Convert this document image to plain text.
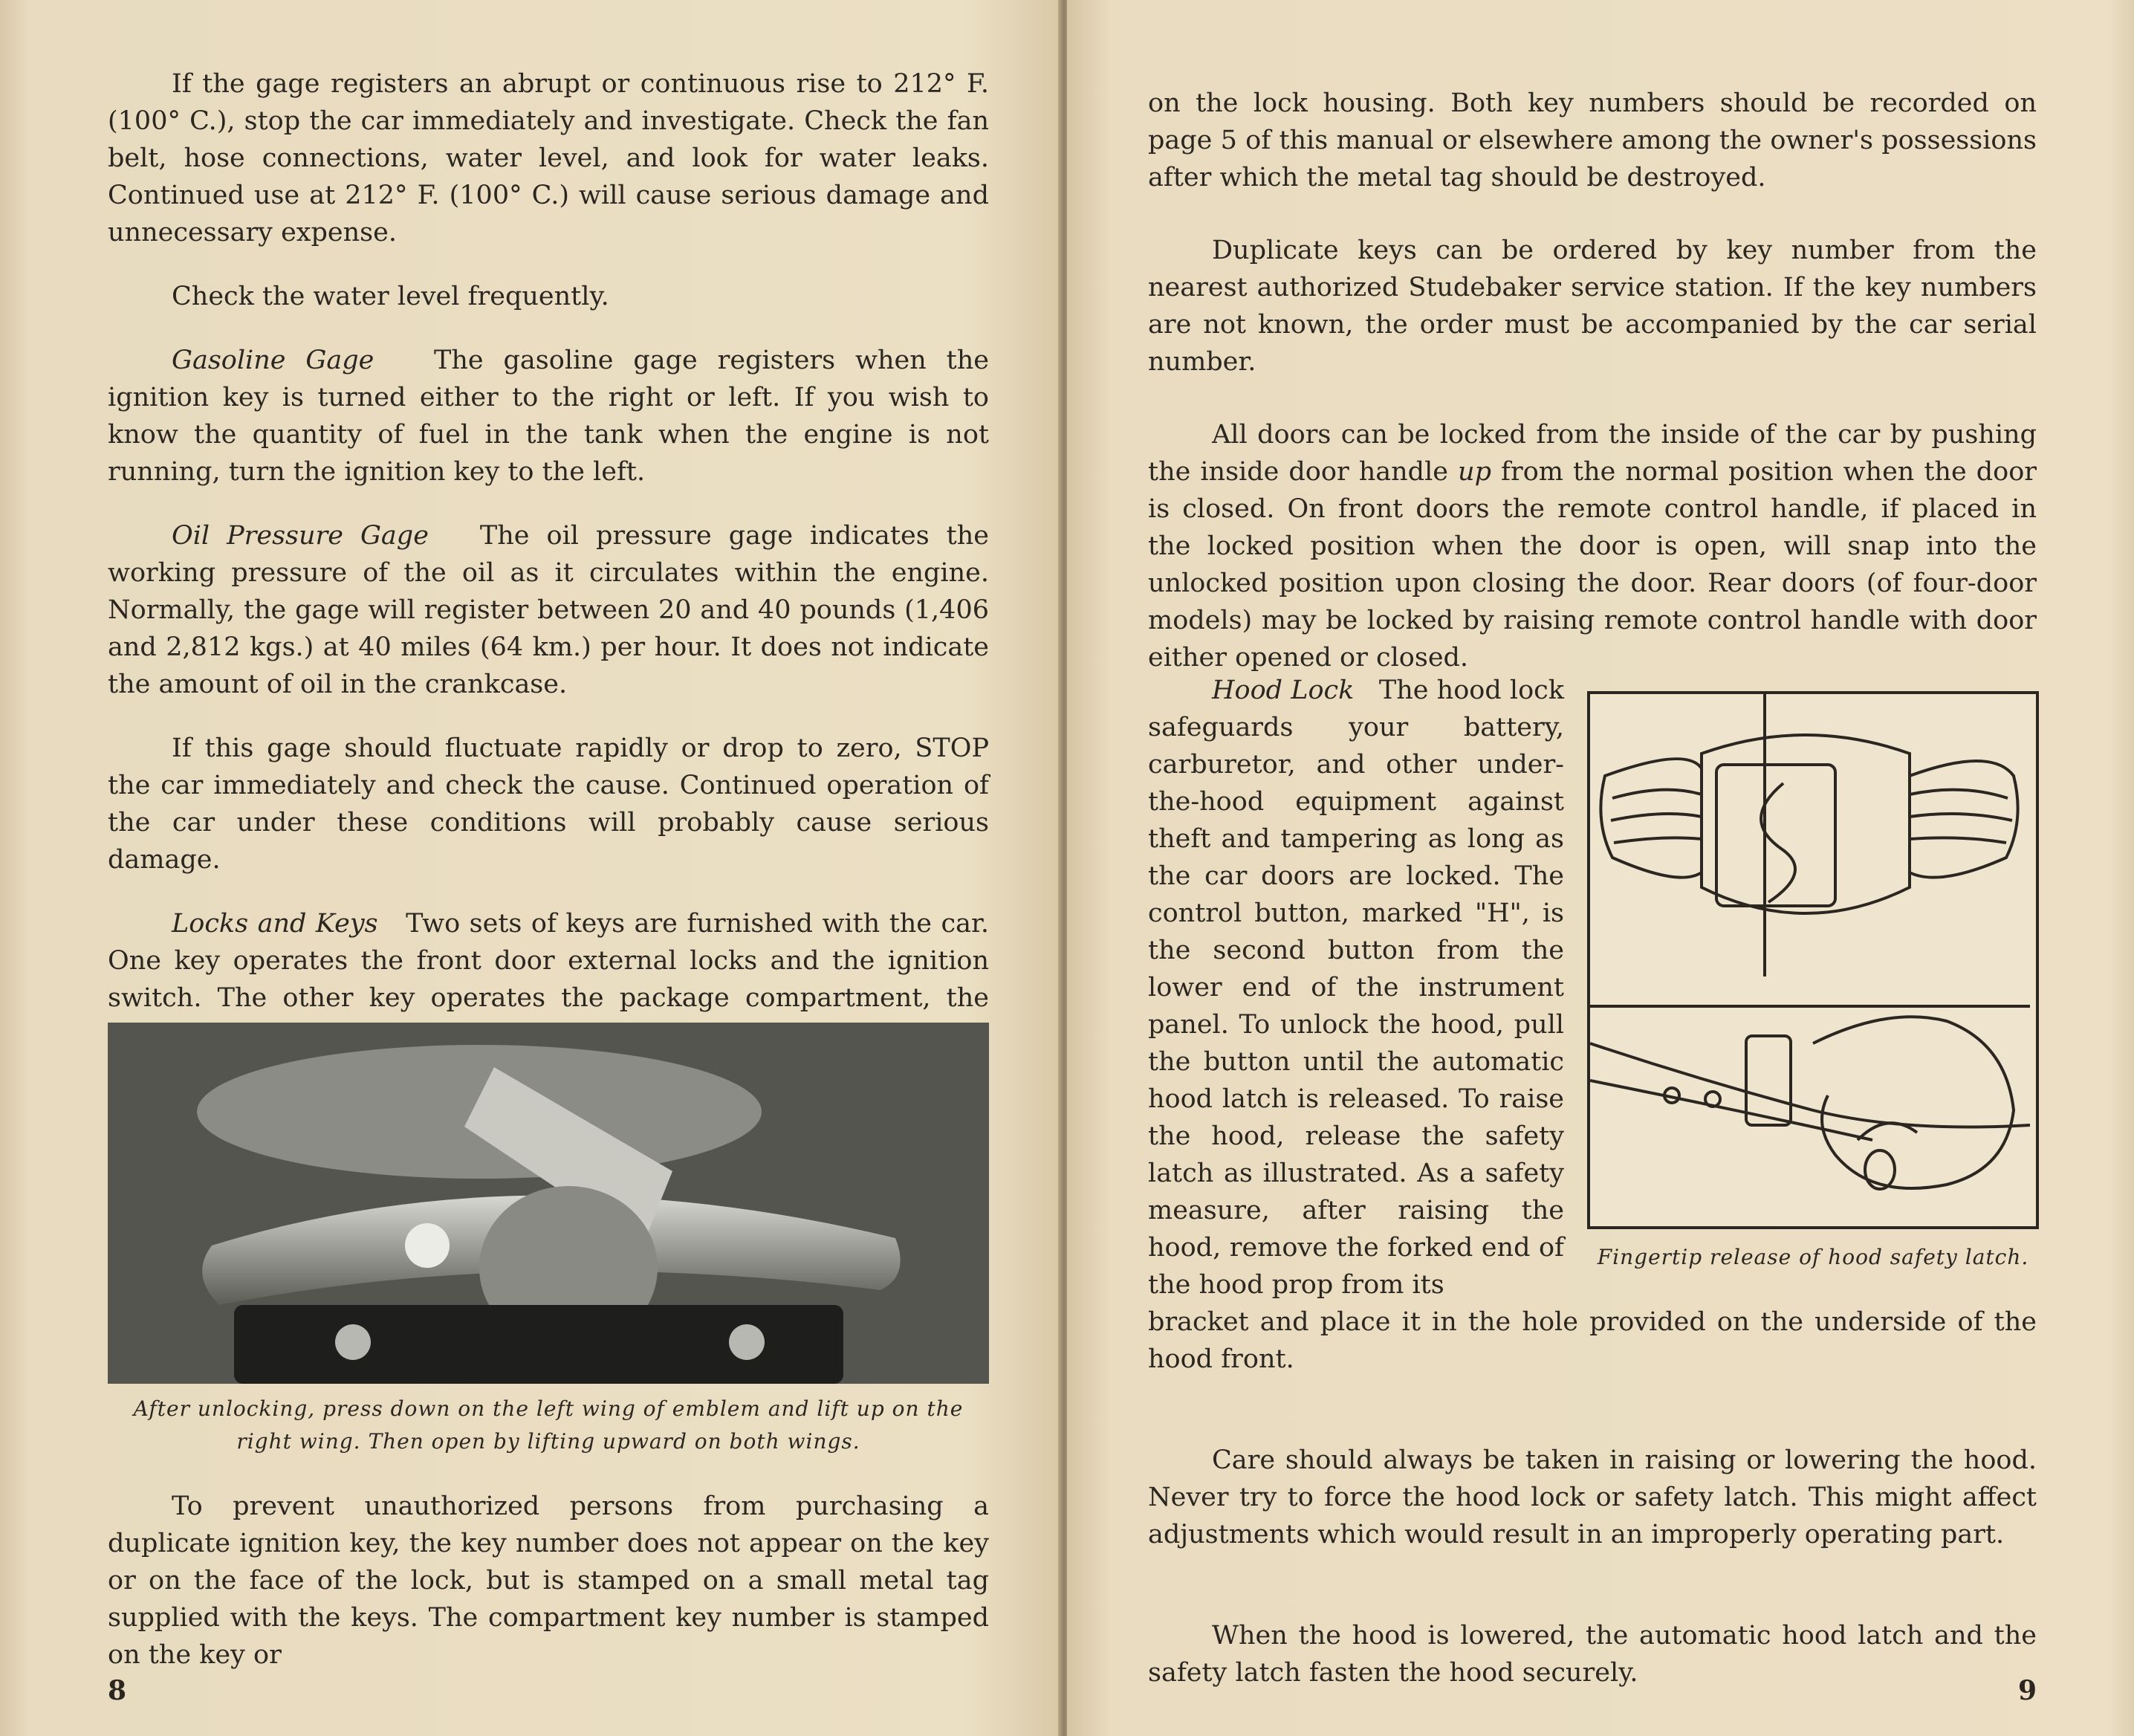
If the gage registers an abrupt or continuous rise to 212° F. (100° C.), stop the car immediately and investigate. Check the fan belt, hose connections, water level, and look for water leaks. Continued use at 212° F. (100° C.) will cause serious damage and unnecessary expense.

Check the water level frequently.

Gasoline Gage The gasoline gage registers when the ignition key is turned either to the right or left. If you wish to know the quantity of fuel in the tank when the engine is not running, turn the ignition key to the left.

Oil Pressure Gage The oil pressure gage indicates the working pressure of the oil as it circulates within the engine. Normally, the gage will register between 20 and 40 pounds (1,406 and 2,812 kgs.) at 40 miles (64 km.) per hour. It does not indicate the amount of oil in the crankcase.

If this gage should fluctuate rapidly or drop to zero, STOP the car immediately and check the cause. Continued operation of the car under these conditions will probably cause serious damage.

Locks and Keys Two sets of keys are furnished with the car. One key operates the front door external locks and the ignition switch. The other key operates the package compartment, the

After unlocking, press down on the left wing of emblem and lift up on the right wing. Then open by lifting upward on both wings.

To prevent unauthorized persons from purchasing a duplicate ignition key, the key number does not appear on the key or on the face of the lock, but is stamped on a small metal tag supplied with the keys. The compartment key number is stamped on the key or

8

on the lock housing. Both key numbers should be recorded on page 5 of this manual or elsewhere among the owner's possessions after which the metal tag should be destroyed.

Duplicate keys can be ordered by key number from the nearest authorized Studebaker service station. If the key numbers are not known, the order must be accompanied by the car serial number.

All doors can be locked from the inside of the car by pushing the inside door handle up from the normal position when the door is closed. On front doors the remote control handle, if placed in the locked position when the door is open, will snap into the unlocked position upon closing the door. Rear doors (of four-door models) may be locked by raising remote control handle with door either opened or closed.

Hood Lock The hood lock safeguards your battery, carburetor, and other under-the-hood equipment against theft and tampering as long as the car doors are locked. The control button, marked "H", is the second button from the lower end of the instrument panel. To unlock the hood, pull the button until the automatic hood latch is released. To raise the hood, release the safety latch as illustrated. As a safety measure, after raising the hood, remove the forked end of the hood prop from its

Fingertip release of hood safety latch.

bracket and place it in the hole provided on the underside of the hood front.

Care should always be taken in raising or lowering the hood. Never try to force the hood lock or safety latch. This might affect adjustments which would result in an improperly operating part.

When the hood is lowered, the automatic hood latch and the safety latch fasten the hood securely.

9
